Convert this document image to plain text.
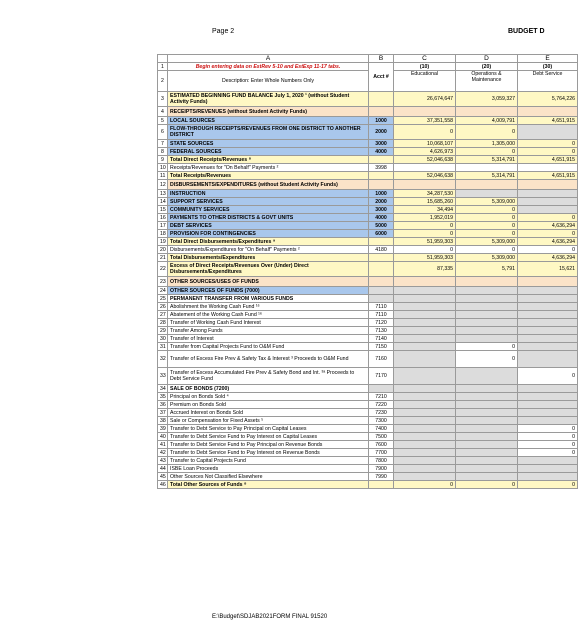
Page 2	BUDGET D
	A	B	C	D	E
1	Begin entering data on EstRev 5-10 and EstExp 11-17 tabs.	Acct #	(10)	(20)	(30)
2	Description: Enter Whole Numbers Only		Educational	Operations & Maintenance	Debt Service
3	ESTIMATED BEGINNING FUND BALANCE July 1, 2020 ¹ (without Student Activity Funds)		26,674,647	3,059,327	5,764,226
4	RECEIPTS/REVENUES (without Student Activity Funds)				
5	LOCAL SOURCES	1000	37,351,558	4,009,791	4,651,915
6	FLOW-THROUGH RECEIPTS/REVENUES FROM ONE DISTRICT TO ANOTHER DISTRICT	2000	0	0	
7	STATE SOURCES	3000	10,068,107	1,305,000	0
8	FEDERAL SOURCES	4000	4,626,973	0	0
9	Total Direct Receipts/Revenues ⁸		52,046,638	5,314,791	4,651,915
10	Receipts/Revenues for "On Behalf" Payments ²	3998			
11	Total Receipts/Revenues		52,046,638	5,314,791	4,651,915
12	DISBURSEMENTS/EXPENDITURES (without Student Activity Funds)				
13	INSTRUCTION	1000	34,287,530		
14	SUPPORT SERVICES	2000	15,685,260	5,309,000	
15	COMMUNITY SERVICES	3000	34,494	0	
16	PAYMENTS TO OTHER DISTRICTS & GOVT UNITS	4000	1,952,019	0	0
17	DEBT SERVICES	5000	0	0	4,636,294
18	PROVISION FOR CONTINGENCIES	6000	0	0	0
19	Total Direct Disbursements/Expenditures ⁹		51,959,303	5,309,000	4,636,294
20	Disbursements/Expenditures for "On Behalf" Payments ²	4180	0	0	0
21	Total Disbursements/Expenditures		51,959,303	5,309,000	4,636,294
22	Excess of Direct Receipts/Revenues Over (Under) Direct Disbursements/Expenditures		87,335	5,791	15,621
23	OTHER SOURCES/USES OF FUNDS				
24	OTHER SOURCES OF FUNDS (7000)				
25	PERMANENT TRANSFER FROM VARIOUS FUNDS				
26	Abolishment the Working Cash Fund ¹⁶	7110			
27	Abatement of the Working Cash Fund ¹⁶	7110			
28	Transfer of Working Cash Fund Interest	7120			
29	Transfer Among Funds	7130			
30	Transfer of Interest	7140			
31	Transfer from Capital Projects Fund to O&M Fund	7150		0	
32	Transfer of Excess Fire Prev & Safety Tax & Interest ³ Proceeds to O&M Fund	7160		0	
33	Transfer of Excess Accumulated Fire Prev & Safety Bond and Int. ³ᵃ Proceeds to Debt Service Fund	7170			0
34	SALE OF BONDS (7200)				
35	Principal on Bonds Sold ⁴	7210			
36	Premium on Bonds Sold	7220			
37	Accrued Interest on Bonds Sold	7230			
38	Sale or Compensation for Fixed Assets ⁵	7300			
39	Transfer to Debt Service to Pay Principal on Capital Leases	7400			0
40	Transfer to Debt Service Fund to Pay Interest on Capital Leases	7500			0
41	Transfer to Debt Service Fund to Pay Principal on Revenue Bonds	7600			0
42	Transfer to Debt Service Fund to Pay Interest on Revenue Bonds	7700			0
43	Transfer to Capital Projects Fund	7800			
44	ISBE Loan Proceeds	7900			
45	Other Sources Not Classified Elsewhere	7990			
46	Total Other Sources of Funds ⁸		0	0	0
E:\Budget\SDJAB2021FORM FINAL 91520
